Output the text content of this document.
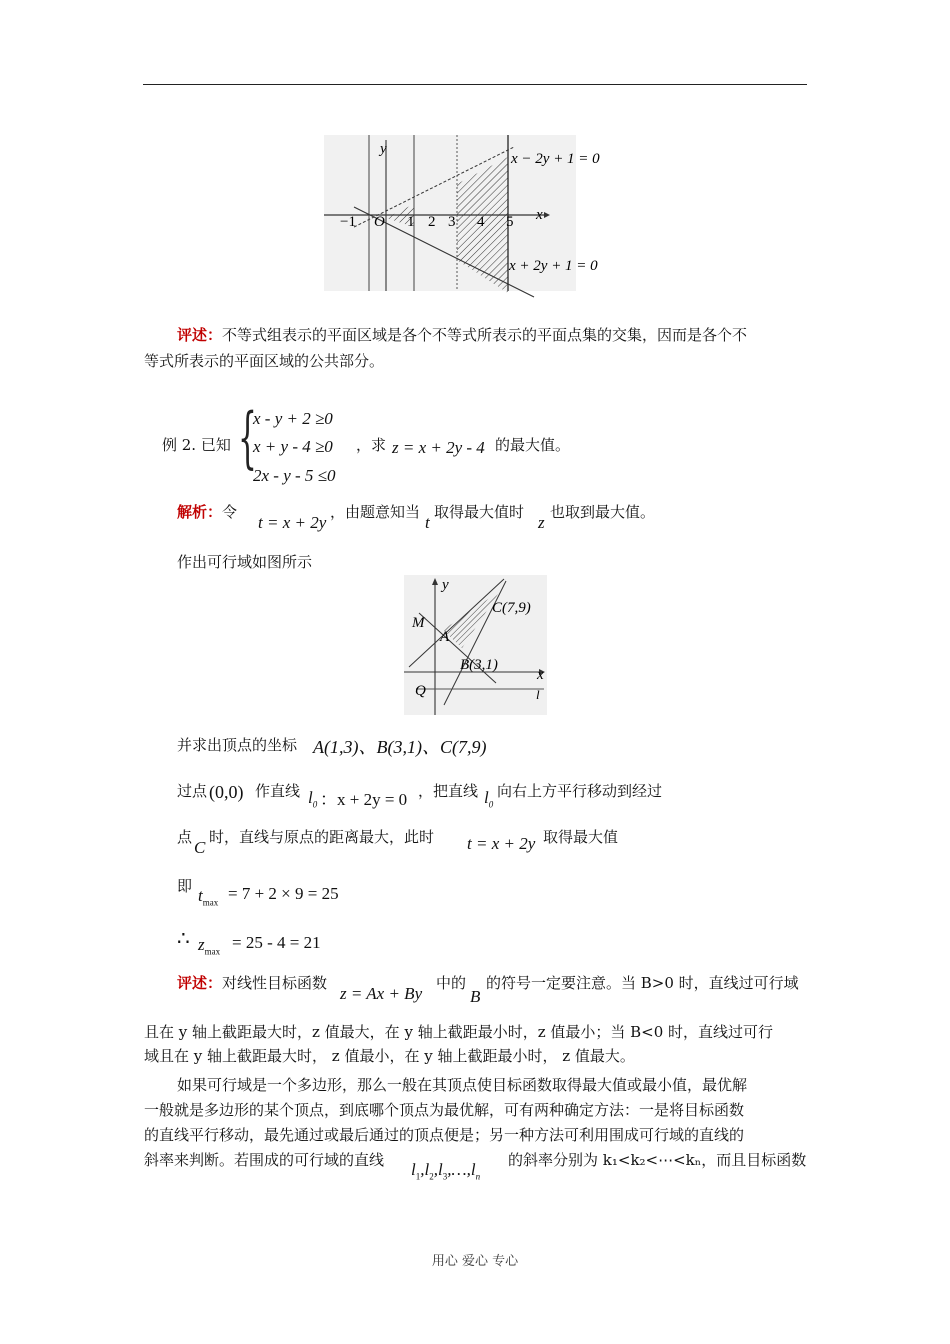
y
x
O
−1	1 2 3 4 5
x − 2y + 1 = 0
x + 2y + 1 = 0
评述：不等式组表示的平面区域是各个不等式所表示的平面点集的交集，因而是各个不
等式所表示的平面区域的公共部分。
例 2. 已知 {
x - y + 2 ≥0
x + y - 4 ≥0
2x - y - 5 ≤0
，求 z = x + 2y - 4 的最大值。
解析：令
t = x + 2y
，由题意知当
t
取得最大值时
z
也取到最大值。
作出可行域如图所示
y
x
C(7,9)
M
A
B(3,1)
Q	l
并求出顶点的坐标 A(1,3)、B(3,1)、C(7,9)
过点 (0,0) 作直线 $l_0$ ：x + 2y = 0 ，把直线 $l_0$
向右上方平行移动到经过
点
C
时，直线与原点的距离最大，此时 t = x + 2y 取得最大值
即 $t_{max} = 7 + 2 \times 9 = 25$
∴ $z_{max} = 25 - 4 = 21$
评述：对线性目标函数
z = Ax + By
中的
B
的符号一定要注意。当 B>0 时，直线过可行域
且在 y 轴上截距最大时，z 值最大，在 y 轴上截距最小时，z 值最小；当 B<0 时，直线过可行
域且在 y 轴上截距最大时， z 值最小，在 y 轴上截距最小时， z 值最大。
如果可行域是一个多边形，那么一般在其顶点使目标函数取得最大值或最小值，最优解
一般就是多边形的某个顶点，到底哪个顶点为最优解，可有两种确定方法：一是将目标函数
的直线平行移动，最先通过或最后通过的顶点便是；另一种方法可利用围成可行域的直线的
斜率来判断。若围成的可行域的直线 $l_1,l_2,l_3,\dots,l_n$
的斜率分别为 k₁<k₂<⋯<kₙ，而且目标函数
用心 爱心 专心
